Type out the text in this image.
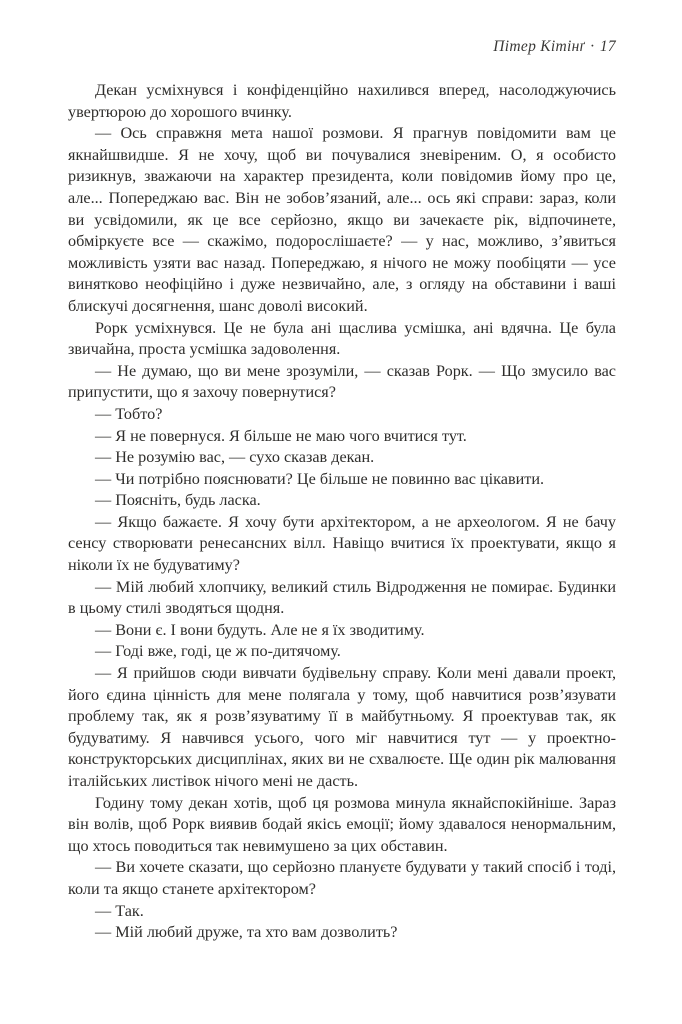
Пітер Кітінґ · 17

Декан усміхнувся і конфіденційно нахилився вперед, насолоджуючись увертюрою до хорошого вчинку.

— Ось справжня мета нашої розмови. Я прагнув повідомити вам це якнайшвидше. Я не хочу, щоб ви почувалися зневіреним. О, я особисто ризикнув, зважаючи на характер президента, коли повідомив йому про це, але... Попереджаю вас. Він не зобов’язаний, але... ось які справи: зараз, коли ви усвідомили, як це все серйозно, якщо ви зачекаєте рік, відпочинете, обміркуєте все — скажімо, подорослішаєте? — у нас, можливо, з’явиться можливість узяти вас назад. Попереджаю, я нічого не можу пообіцяти — усе винятково неофіційно і дуже незвичайно, але, з огляду на обставини і ваші блискучі досягнення, шанс доволі високий.

Рорк усміхнувся. Це не була ані щаслива усмішка, ані вдячна. Це була звичайна, проста усмішка задоволення.

— Не думаю, що ви мене зрозуміли, — сказав Рорк. — Що змусило вас припустити, що я захочу повернутися?

— Тобто?

— Я не повернуся. Я більше не маю чого вчитися тут.

— Не розумію вас, — сухо сказав декан.

— Чи потрібно пояснювати? Це більше не повинно вас цікавити.

— Поясніть, будь ласка.

— Якщо бажаєте. Я хочу бути архітектором, а не археологом. Я не бачу сенсу створювати ренесансних вілл. Навіщо вчитися їх проектувати, якщо я ніколи їх не будуватиму?

— Мій любий хлопчику, великий стиль Відродження не помирає. Будинки в цьому стилі зводяться щодня.

— Вони є. І вони будуть. Але не я їх зводитиму.

— Годі вже, годі, це ж по-дитячому.

— Я прийшов сюди вивчати будівельну справу. Коли мені давали проект, його єдина цінність для мене полягала у тому, щоб навчитися розв’язувати проблему так, як я розв’язуватиму її в майбутньому. Я проектував так, як будуватиму. Я навчився усього, чого міг навчитися тут — у проектно-конструкторських дисциплінах, яких ви не схвалюєте. Ще один рік малювання італійських листівок нічого мені не дасть.

Годину тому декан хотів, щоб ця розмова минула якнайспокійніше. Зараз він волів, щоб Рорк виявив бодай якісь емоції; йому здавалося ненормальним, що хтось поводиться так невимушено за цих обставин.

— Ви хочете сказати, що серйозно плануєте будувати у такий спосіб і тоді, коли та якщо станете архітектором?

— Так.

— Мій любий друже, та хто вам дозволить?
